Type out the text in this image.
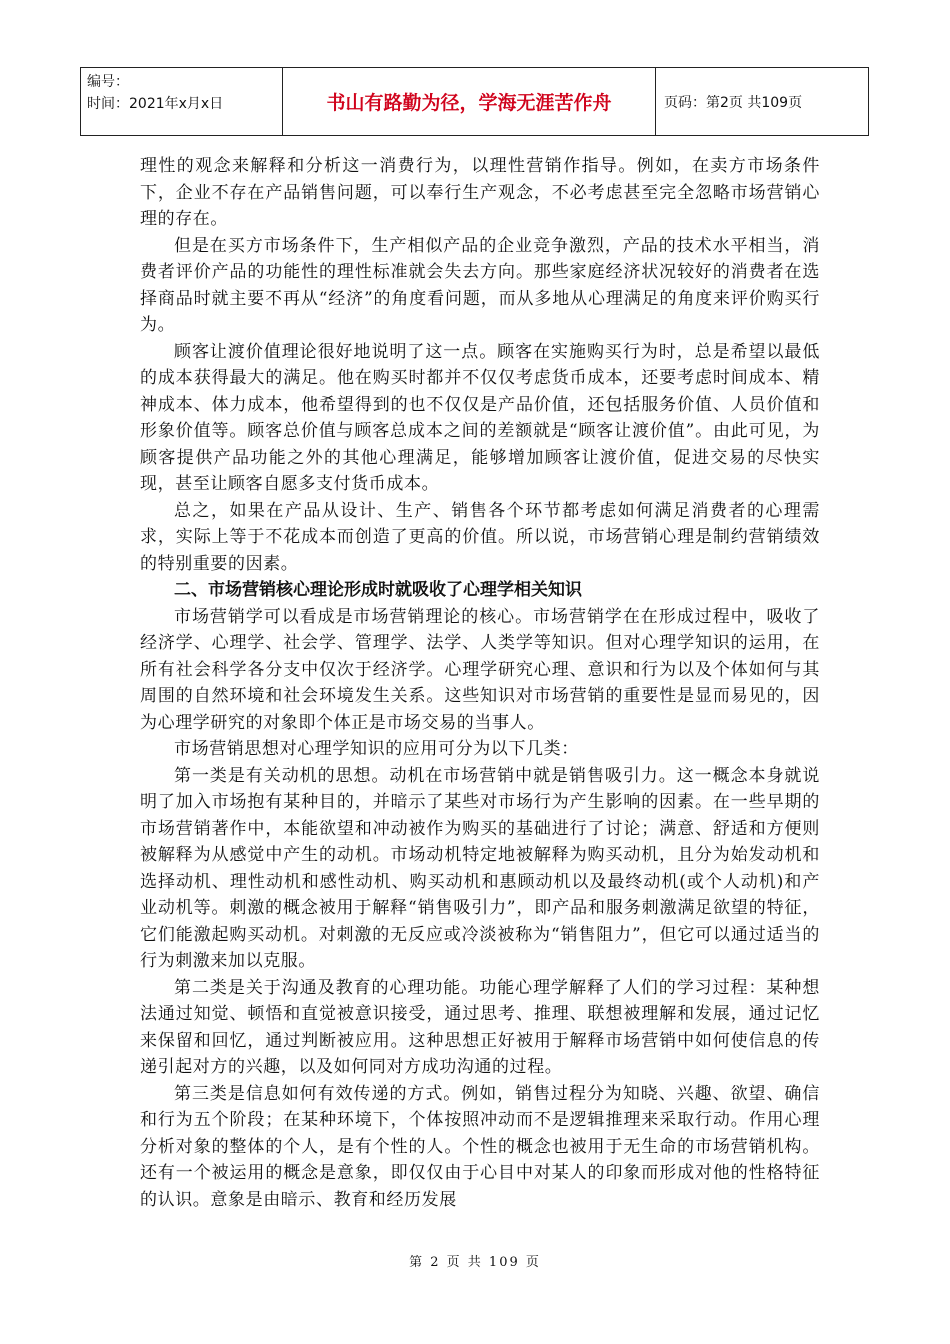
编号：
时间：2021年x月x日	书山有路勤为径，学海无涯苦作舟	页码：第2页 共109页

理性的观念来解释和分析这一消费行为，以理性营销作指导。例如，在卖方市场条件下，企业不存在产品销售问题，可以奉行生产观念，不必考虑甚至完全忽略市场营销心理的存在。

但是在买方市场条件下，生产相似产品的企业竞争激烈，产品的技术水平相当，消费者评价产品的功能性的理性标准就会失去方向。那些家庭经济状况较好的消费者在选择商品时就主要不再从“经济”的角度看问题，而从多地从心理满足的角度来评价购买行为。

顾客让渡价值理论很好地说明了这一点。顾客在实施购买行为时，总是希望以最低的成本获得最大的满足。他在购买时都并不仅仅考虑货币成本，还要考虑时间成本、精神成本、体力成本，他希望得到的也不仅仅是产品价值，还包括服务价值、人员价值和形象价值等。顾客总价值与顾客总成本之间的差额就是“顾客让渡价值”。由此可见，为顾客提供产品功能之外的其他心理满足，能够增加顾客让渡价值，促进交易的尽快实现，甚至让顾客自愿多支付货币成本。

总之，如果在产品从设计、生产、销售各个环节都考虑如何满足消费者的心理需求，实际上等于不花成本而创造了更高的价值。所以说，市场营销心理是制约营销绩效的特别重要的因素。

二、市场营销核心理论形成时就吸收了心理学相关知识

市场营销学可以看成是市场营销理论的核心。市场营销学在在形成过程中，吸收了经济学、心理学、社会学、管理学、法学、人类学等知识。但对心理学知识的运用，在所有社会科学各分支中仅次于经济学。心理学研究心理、意识和行为以及个体如何与其周围的自然环境和社会环境发生关系。这些知识对市场营销的重要性是显而易见的，因为心理学研究的对象即个体正是市场交易的当事人。

市场营销思想对心理学知识的应用可分为以下几类：

第一类是有关动机的思想。动机在市场营销中就是销售吸引力。这一概念本身就说明了加入市场抱有某种目的，并暗示了某些对市场行为产生影响的因素。在一些早期的市场营销著作中，本能欲望和冲动被作为购买的基础进行了讨论；满意、舒适和方便则被解释为从感觉中产生的动机。市场动机特定地被解释为购买动机，且分为始发动机和选择动机、理性动机和感性动机、购买动机和惠顾动机以及最终动机(或个人动机)和产业动机等。刺激的概念被用于解释“销售吸引力”，即产品和服务刺激满足欲望的特征，它们能激起购买动机。对刺激的无反应或冷淡被称为“销售阻力”，但它可以通过适当的行为刺激来加以克服。

第二类是关于沟通及教育的心理功能。功能心理学解释了人们的学习过程：某种想法通过知觉、顿悟和直觉被意识接受，通过思考、推理、联想被理解和发展，通过记忆来保留和回忆，通过判断被应用。这种思想正好被用于解释市场营销中如何使信息的传递引起对方的兴趣，以及如何同对方成功沟通的过程。

第三类是信息如何有效传递的方式。例如，销售过程分为知晓、兴趣、欲望、确信和行为五个阶段；在某种环境下，个体按照冲动而不是逻辑推理来采取行动。作用心理分析对象的整体的个人，是有个性的人。个性的概念也被用于无生命的市场营销机构。还有一个被运用的概念是意象，即仅仅由于心目中对某人的印象而形成对他的性格特征的认识。意象是由暗示、教育和经历发展

第 2 页 共 109 页
